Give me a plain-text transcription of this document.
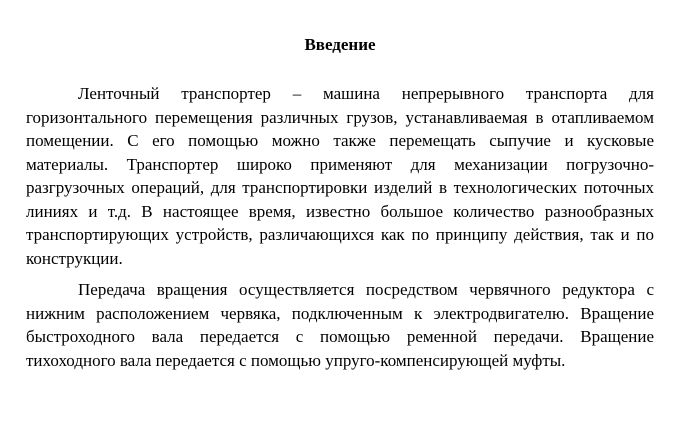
Введение

Ленточный транспортер – машина непрерывного транспорта для горизонтального перемещения различных грузов, устанавливаемая в отапливаемом помещении. С его помощью можно также перемещать сыпучие и кусковые материалы. Транспортер широко применяют для механизации погрузочно-разгрузочных операций, для транспортировки изделий в технологических поточных линиях и т.д. В настоящее время, известно большое количество разнообразных транспортирующих устройств, различающихся как по принципу действия, так и по конструкции.

Передача вращения осуществляется посредством червячного редуктора с нижним расположением червяка, подключенным к электродвигателю. Вращение быстроходного вала передается с помощью ременной передачи. Вращение тихоходного вала передается с помощью упруго-компенсирующей муфты.
